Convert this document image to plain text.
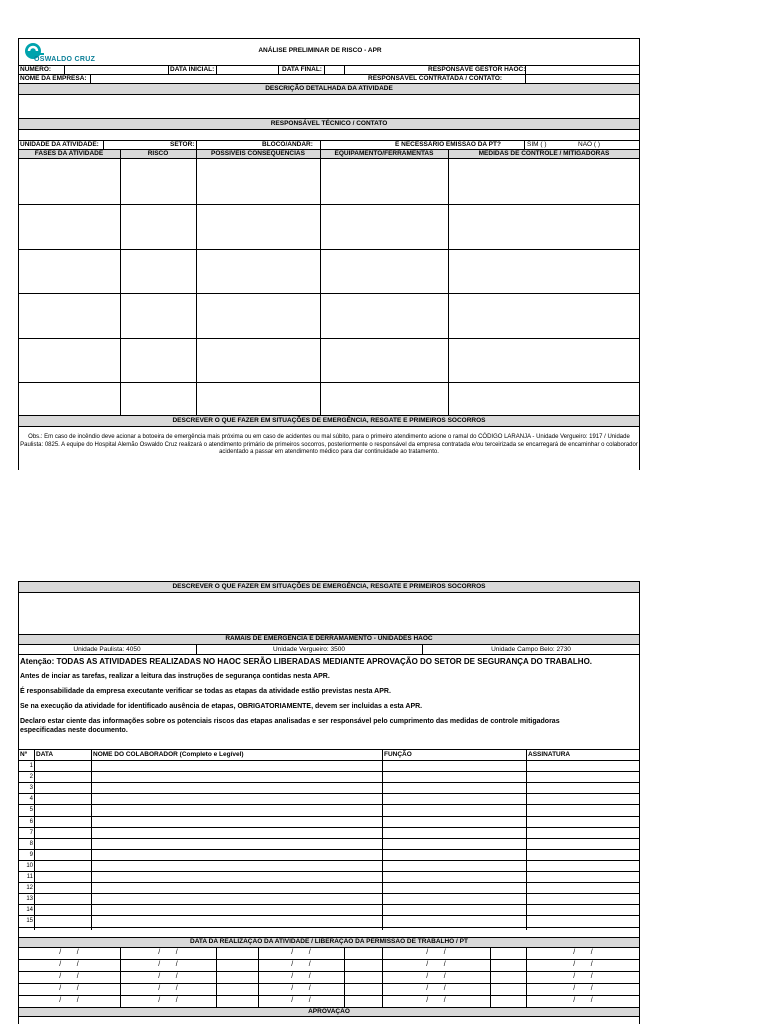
OSWALDO CRUZ
ANÁLISE PRELIMINAR DE RISCO - APR
NÚMERO:	DATA INICIAL:	DATA FINAL:	RESPONSÁVE GESTOR HAOC:
NOME DA EMPRESA:	RESPONSÁVEL CONTRATADA / CONTATO:
DESCRIÇÃO DETALHADA DA ATIVIDADE
RESPONSÁVEL TÉCNICO / CONTATO
UNIDADE DA ATIVIDADE:	SETOR:	BLOCO/ANDAR:	É NECESSÁRIO EMISSÃO DA PT?	SIM ( )	NÃO ( )
FASES DA ATIVIDADE	RISCO	POSSIVEIS CONSEQUENCIAS	EQUIPAMENTO/FERRAMENTAS	MEDIDAS DE CONTROLE / MITIGADORAS
DESCREVER O QUE FAZER EM SITUAÇÕES DE EMERGÊNCIA, RESGATE E PRIMEIROS SOCORROS
Obs.: Em caso de incêndio deve acionar a botoeira de emergência mais próxima ou em caso de acidentes ou mal súbito, para o primeiro atendimento acione o ramal do CÓDIGO LARANJA - Unidade Vergueiro: 1917 / Unidade Paulista: 0825. A equipe do Hospital Alemão Oswaldo Cruz realizará o atendimento primário de primeiros socorros, posteriormente o responsável da empresa contratada e/ou terceirizada se encarregará de encaminhar o colaborador acidentado a passar em atendimento médico para dar continuidade ao tratamento.
DESCREVER O QUE FAZER EM SITUAÇÕES DE EMERGÊNCIA, RESGATE E PRIMEIROS SOCORROS
RAMAIS DE EMERGÊNCIA E DERRAMAMENTO - UNIDADES HAOC
Unidade Paulista: 4050	Unidade Vergueiro: 3500	Unidade Campo Belo: 2730
Atenção: TODAS AS ATIVIDADES REALIZADAS NO HAOC SERÃO LIBERADAS MEDIANTE APROVAÇÃO DO SETOR DE SEGURANÇA DO TRABALHO.
Antes de inciar as tarefas, realizar a leitura das instruções de segurança contidas nesta APR.
É responsabilidade da empresa executante verificar se todas as etapas da atividade estão previstas nesta APR.
Se na execução da atividade for identificado ausência de etapas, OBRIGATORIAMENTE, devem ser incluidas a esta APR.
Declaro estar ciente das informações sobre os potenciais riscos das etapas analisadas e ser responsável pelo cumprimento das medidas de controle mitigadoras
especificadas neste documento.
Nº DATA	NOME DO COLABORADOR (Completo e Legível)	FUNÇÃO	ASSINATURA
1
2
3
4
5
6
7
8
9
10
11
12
13
14
15
DATA DA REALIZAÇÃO DA ATIVIDADE / LIBERAÇÃO DA PERMISSÃO DE TRABALHO / PT
/        /	/        /	/        /	/        /	/        /
/        /	/        /	/        /	/        /	/        /
/        /	/        /	/        /	/        /	/        /
/        /	/        /	/        /	/        /	/        /
/        /	/        /	/        /	/        /	/        /
APROVAÇÃO
